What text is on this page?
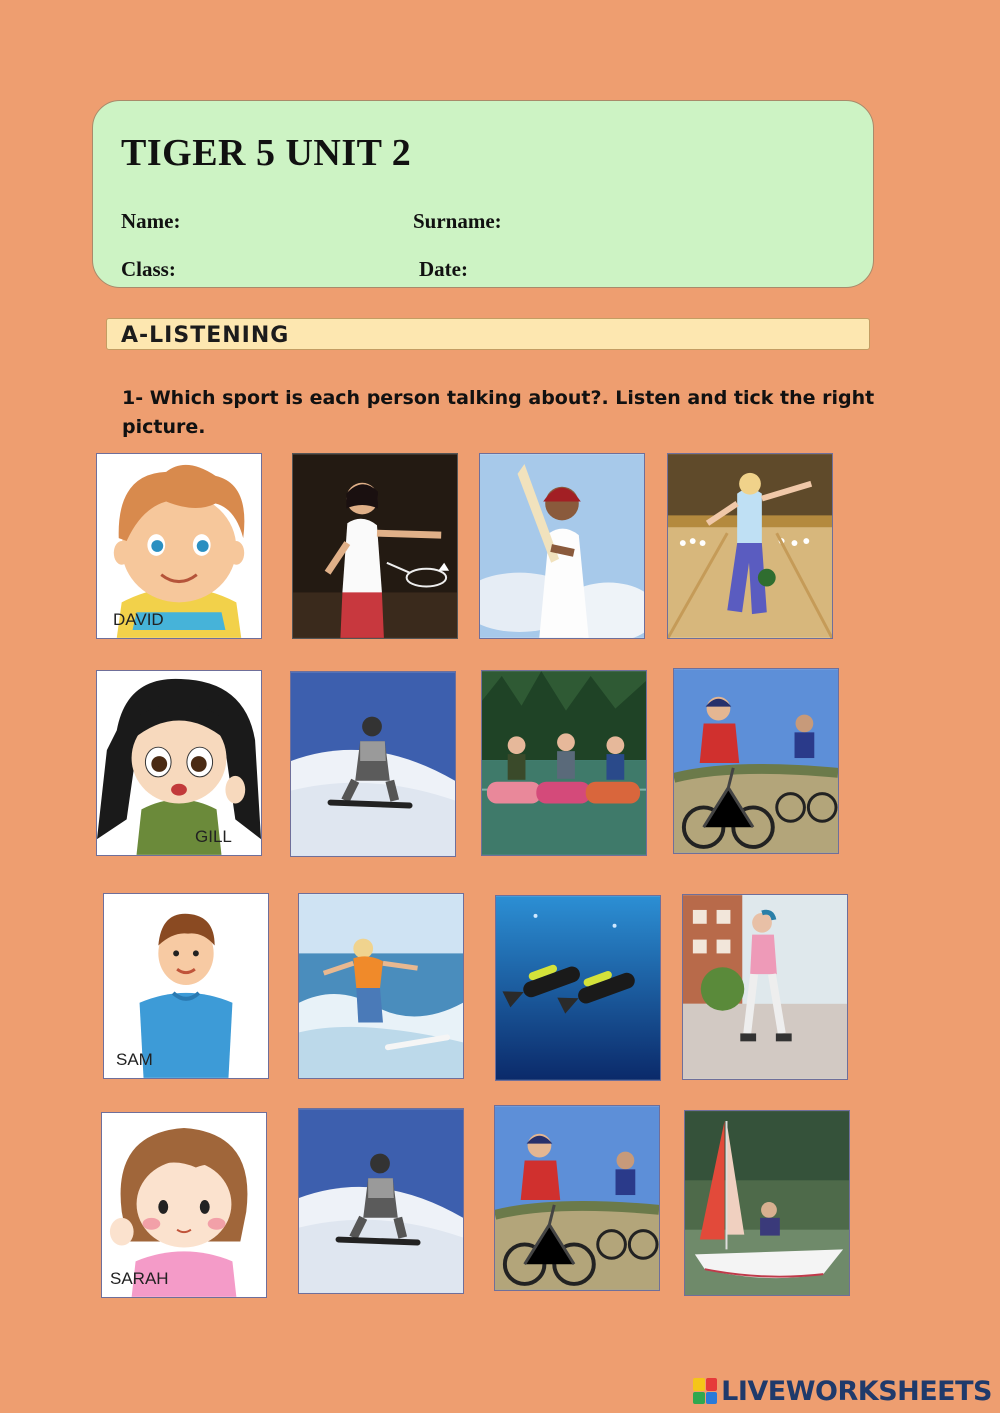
TIGER 5 UNIT 2
Name:	Surname:
Class:	Date:
A-LISTENING
1- Which sport is each person talking about?. Listen and tick the right picture.
DAVID
GILL
SAM
SARAH
LIVEWORKSHEETS
